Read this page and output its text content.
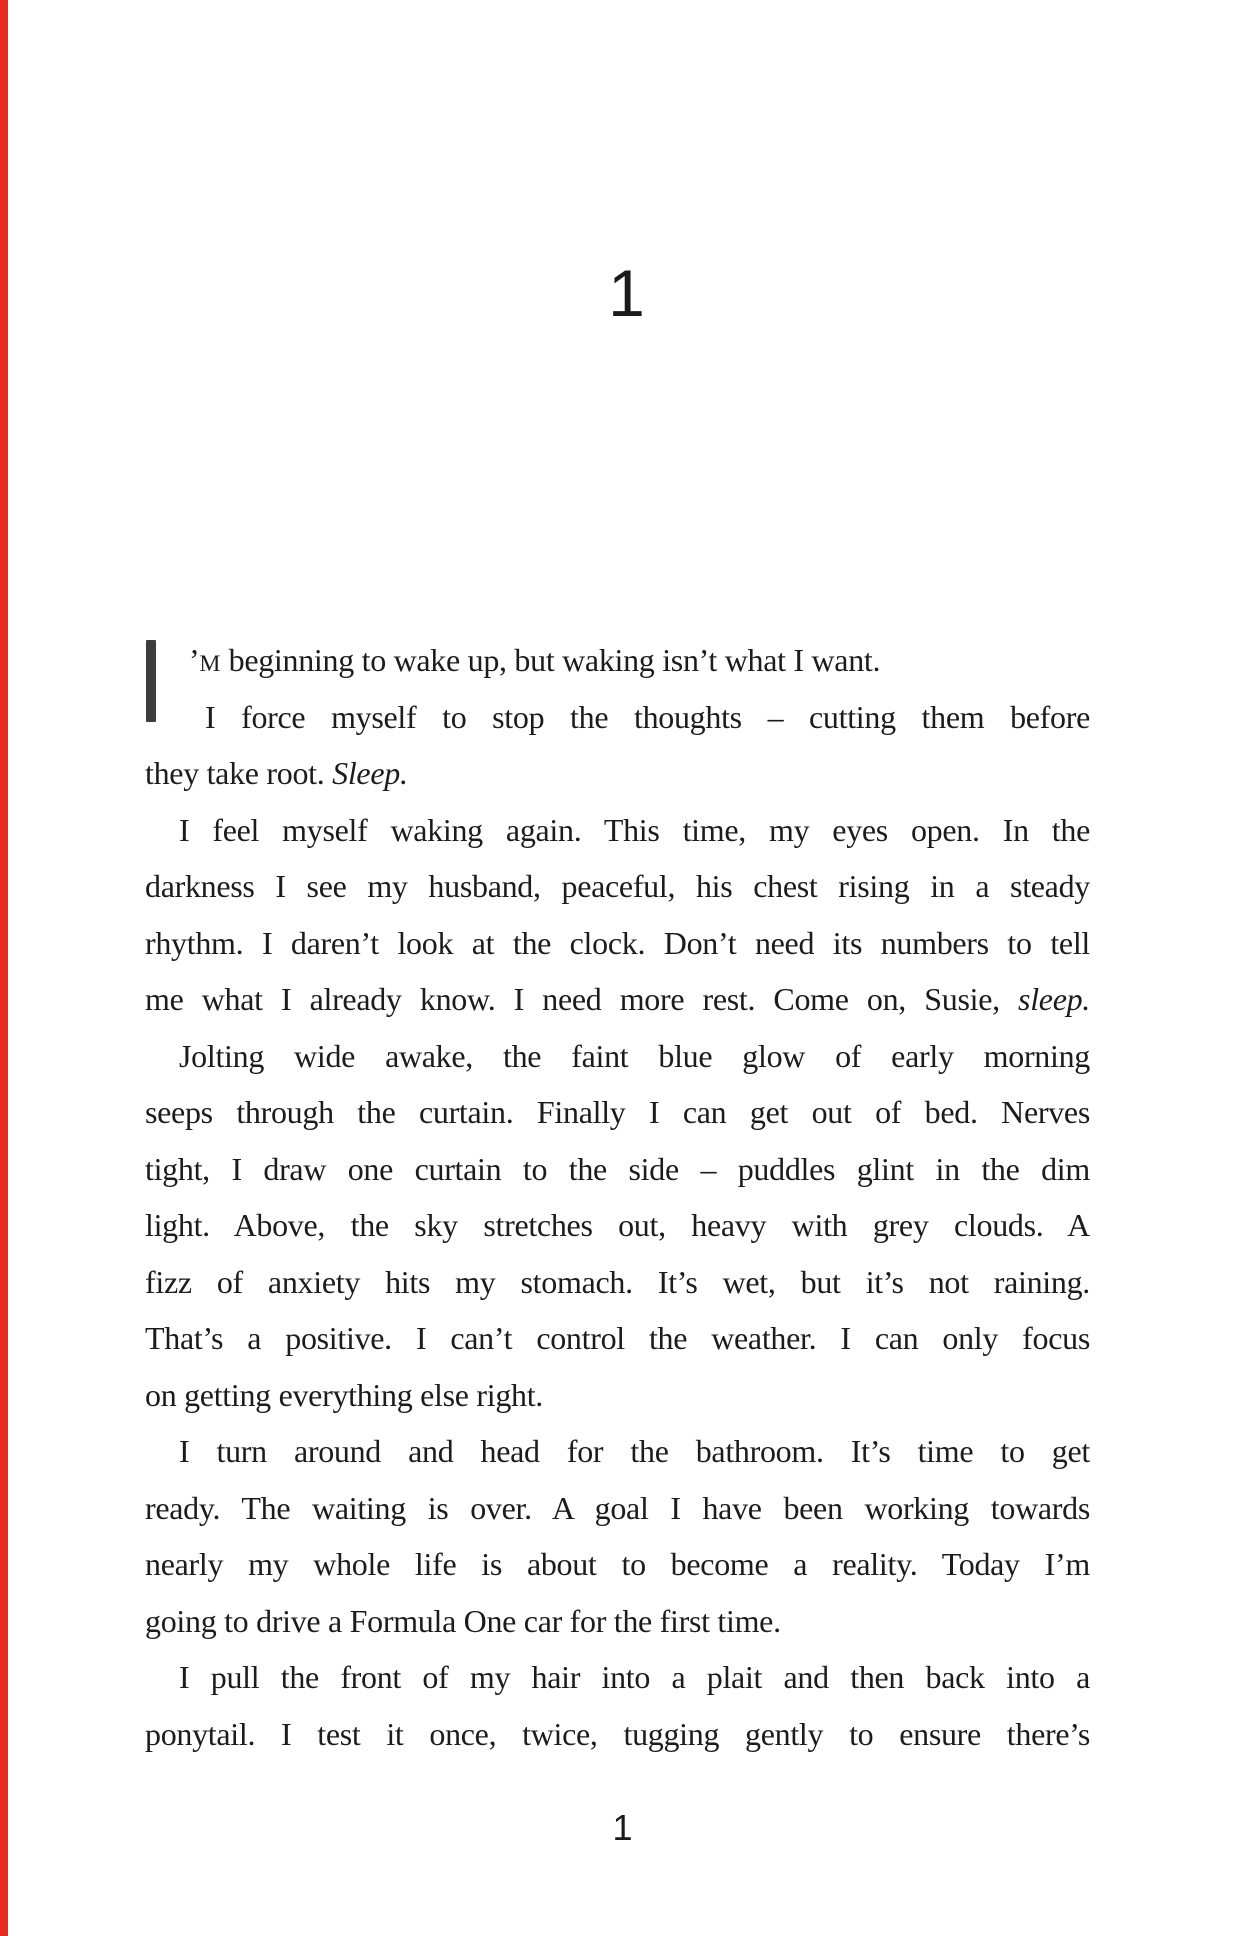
1
’M beginning to wake up, but waking isn’t what I want.
I force myself to stop the thoughts – cutting them before
they take root. Sleep.
I feel myself waking again. This time, my eyes open. In the
darkness I see my husband, peaceful, his chest rising in a steady
rhythm. I daren’t look at the clock. Don’t need its numbers to tell
me what I already know. I need more rest. Come on, Susie, sleep.
Jolting wide awake, the faint blue glow of early morning
seeps through the curtain. Finally I can get out of bed. Nerves
tight, I draw one curtain to the side – puddles glint in the dim
light. Above, the sky stretches out, heavy with grey clouds. A
fizz of anxiety hits my stomach. It’s wet, but it’s not raining.
That’s a positive. I can’t control the weather. I can only focus
on getting everything else right.
I turn around and head for the bathroom. It’s time to get
ready. The waiting is over. A goal I have been working towards
nearly my whole life is about to become a reality. Today I’m
going to drive a Formula One car for the first time.
I pull the front of my hair into a plait and then back into a
ponytail. I test it once, twice, tugging gently to ensure there’s
1
